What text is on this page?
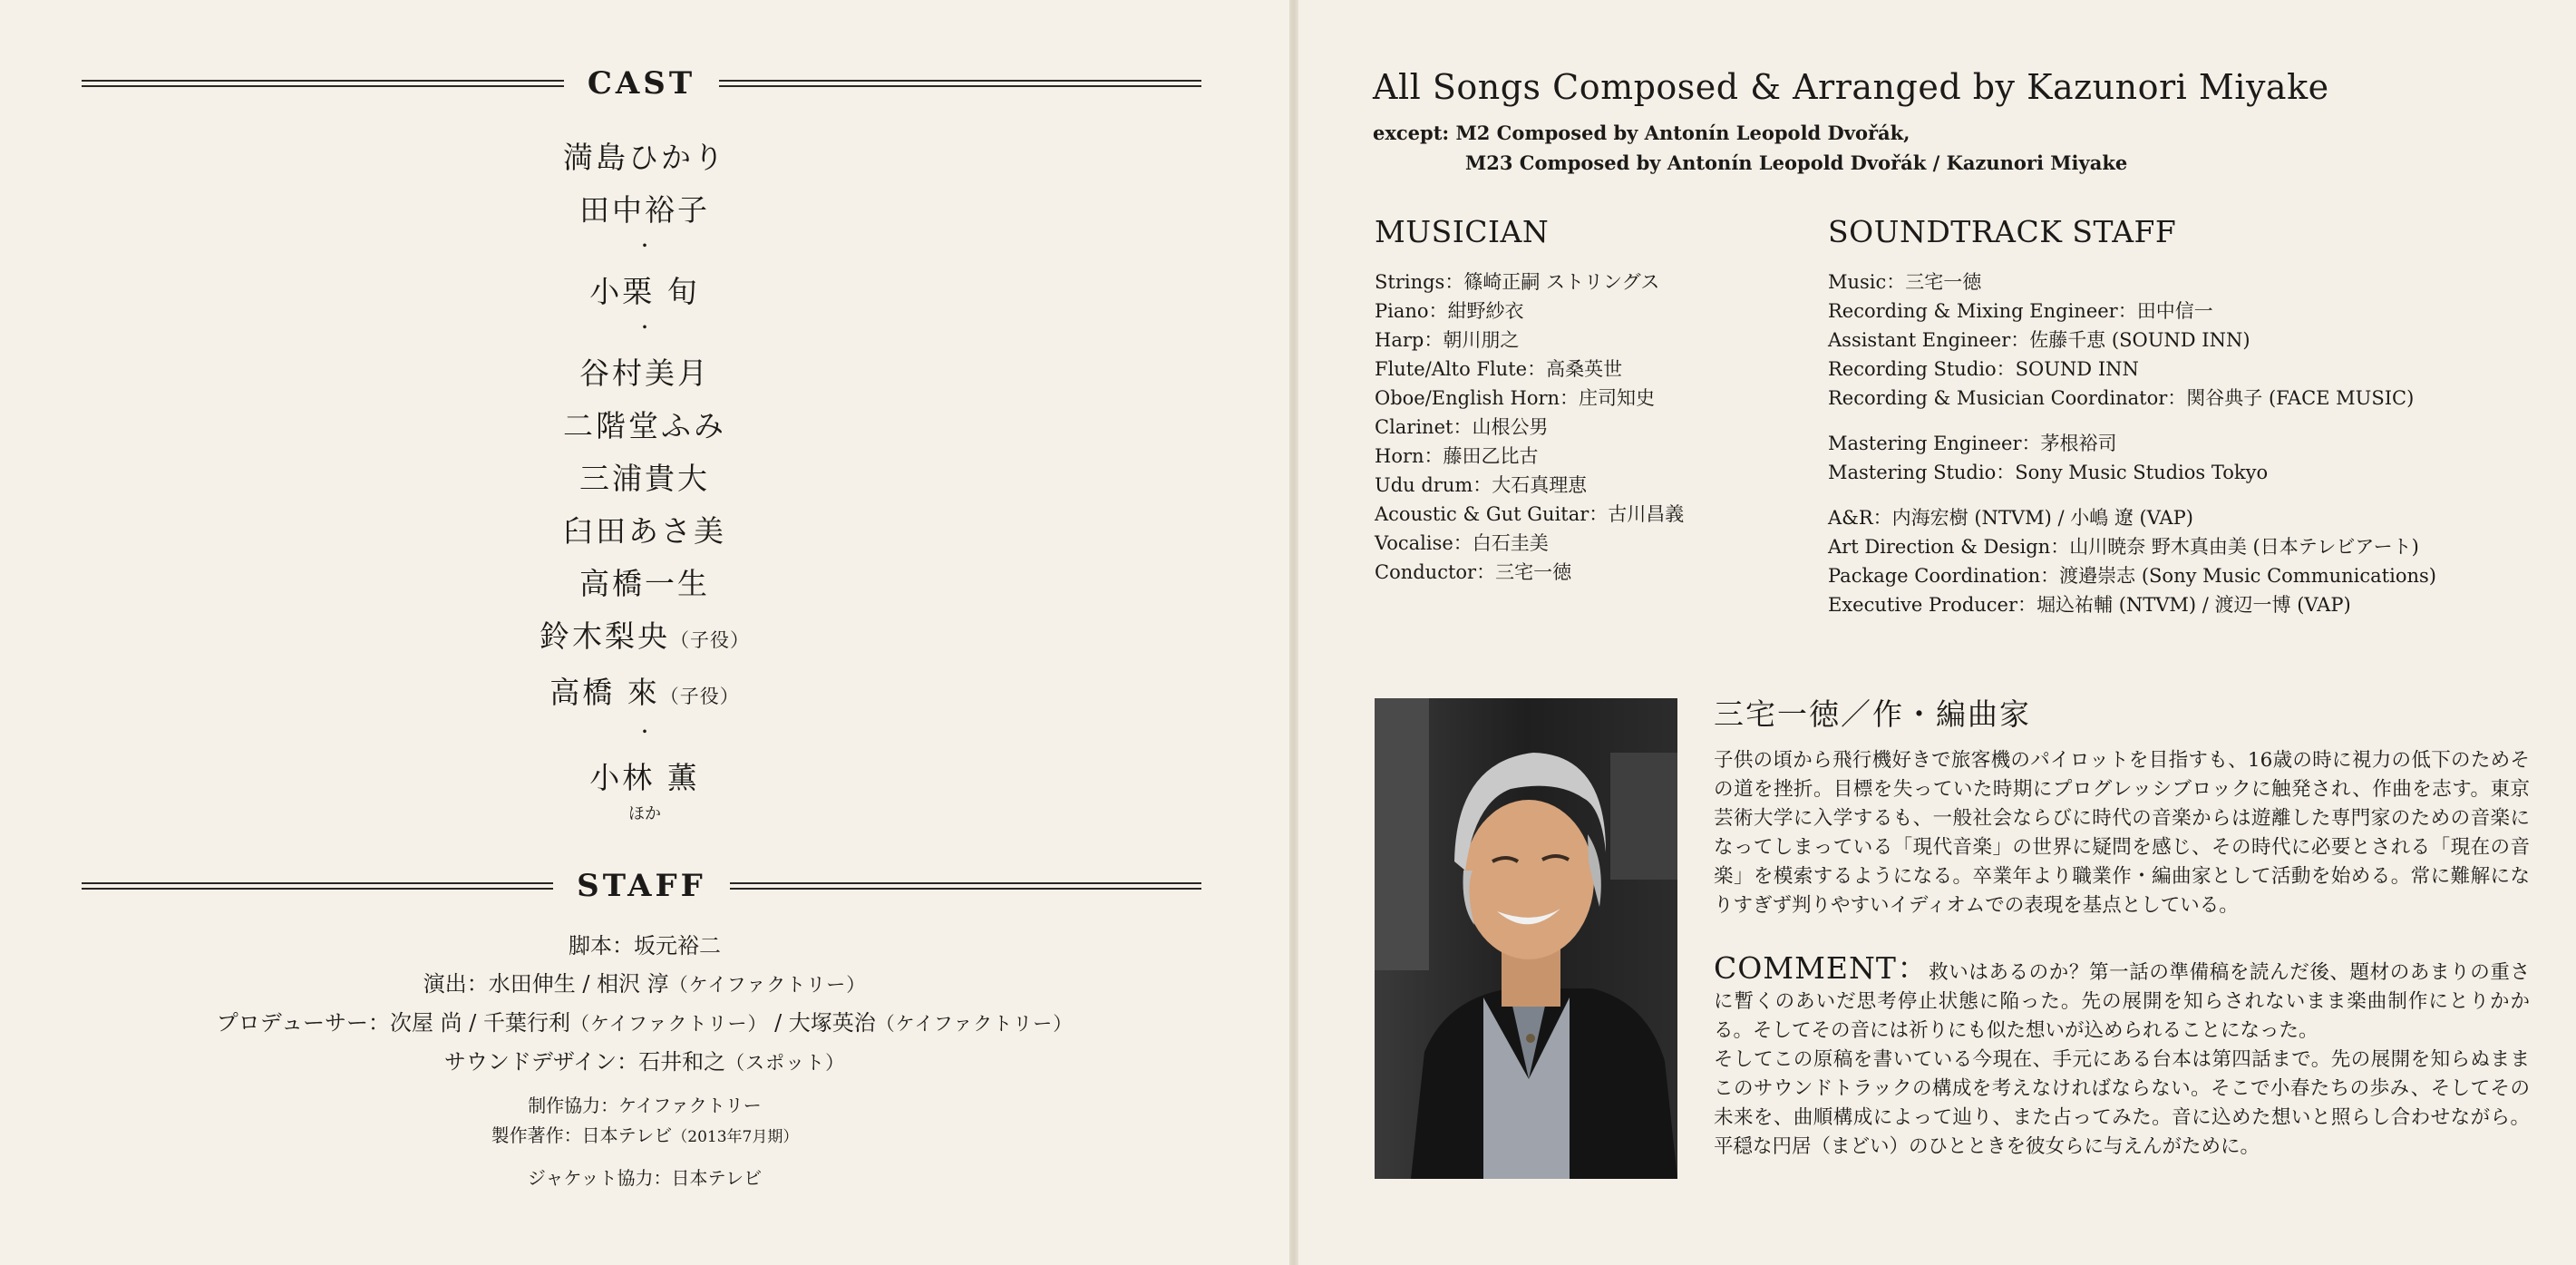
CAST
満島ひかり
田中裕子
・
小栗 旬
・
谷村美月
二階堂ふみ
三浦貴大
臼田あさ美
高橋一生
鈴木梨央（子役）
高橋 來（子役）
・
小林 薫
ほか
STAFF
脚本：坂元裕二
演出：水田伸生 / 相沢 淳（ケイファクトリー）
プロデューサー：次屋 尚 / 千葉行利（ケイファクトリー） / 大塚英治（ケイファクトリー）
サウンドデザイン：石井和之（スポット）
制作協力：ケイファクトリー
製作著作：日本テレビ（2013年7月期）
ジャケット協力：日本テレビ
All Songs Composed & Arranged by Kazunori Miyake
except: M2 Composed by Antonín Leopold Dvořák,
M23 Composed by Antonín Leopold Dvořák / Kazunori Miyake
MUSICIAN
Strings：篠崎正嗣 ストリングス
Piano：紺野紗衣
Harp：朝川朋之
Flute/Alto Flute：高桑英世
Oboe/English Horn：庄司知史
Clarinet：山根公男
Horn：藤田乙比古
Udu drum：大石真理恵
Acoustic & Gut Guitar：古川昌義
Vocalise：白石圭美
Conductor：三宅一徳
SOUNDTRACK STAFF
Music：三宅一徳
Recording & Mixing Engineer：田中信一
Assistant Engineer：佐藤千恵 (SOUND INN)
Recording Studio：SOUND INN
Recording & Musician Coordinator：関谷典子 (FACE MUSIC)
Mastering Engineer：茅根裕司
Mastering Studio：Sony Music Studios Tokyo
A&R：内海宏樹 (NTVM) / 小嶋 遼 (VAP)
Art Direction & Design：山川暁奈 野木真由美 (日本テレビアート)
Package Coordination：渡邉崇志 (Sony Music Communications)
Executive Producer：堀込祐輔 (NTVM) / 渡辺一博 (VAP)
三宅一徳／作・編曲家
子供の頃から飛行機好きで旅客機のパイロットを目指すも、16歳の時に視力の低下のためその道を挫折。目標を失っていた時期にプログレッシブロックに触発され、作曲を志す。東京芸術大学に入学するも、一般社会ならびに時代の音楽からは遊離した専門家のための音楽になってしまっている「現代音楽」の世界に疑問を感じ、その時代に必要とされる「現在の音楽」を模索するようになる。卒業年より職業作・編曲家として活動を始める。常に難解になりすぎず判りやすいイディオムでの表現を基点としている。
COMMENT：救いはあるのか？第一話の準備稿を読んだ後、題材のあまりの重さに暫くのあいだ思考停止状態に陥った。先の展開を知らされないまま楽曲制作にとりかかる。そしてその音には祈りにも似た想いが込められることになった。
そしてこの原稿を書いている今現在、手元にある台本は第四話まで。先の展開を知らぬままこのサウンドトラックの構成を考えなければならない。そこで小春たちの歩み、そしてその未来を、曲順構成によって辿り、また占ってみた。音に込めた想いと照らし合わせながら。平穏な円居（まどい）のひとときを彼女らに与えんがために。
